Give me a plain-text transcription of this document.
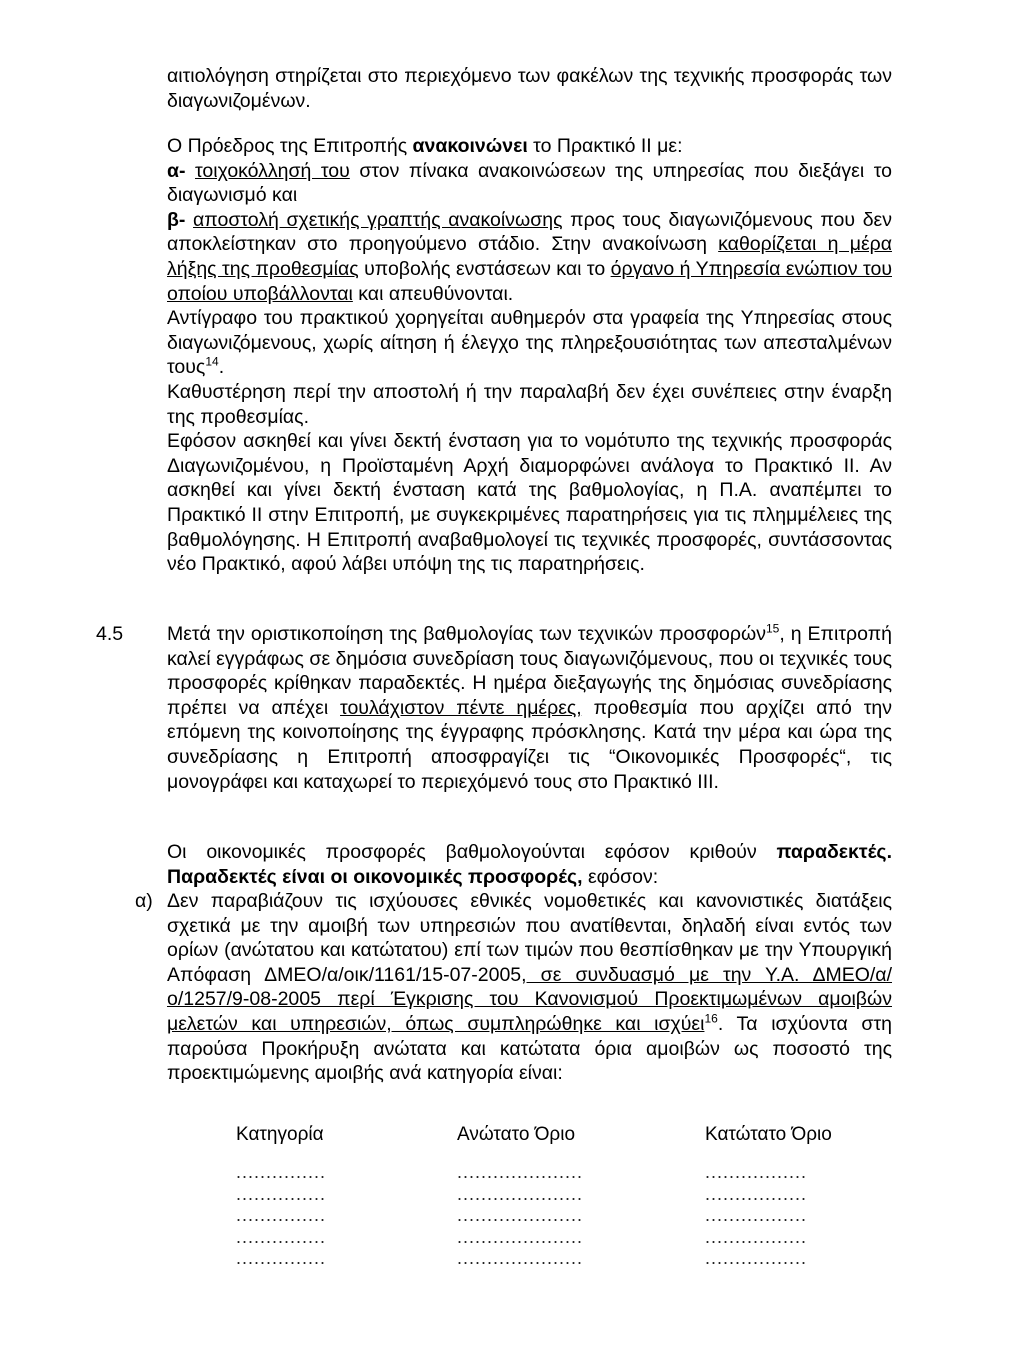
αιτιολόγηση στηρίζεται στο περιεχόμενο των φακέλων της τεχνικής προσφοράς των διαγωνιζομένων.

Ο Πρόεδρος της Επιτροπής ανακοινώνει το Πρακτικό ΙΙ με:

α- τοιχοκόλλησή του στον πίνακα ανακοινώσεων της υπηρεσίας που διεξάγει το διαγωνισμό και

β- αποστολή σχετικής γραπτής ανακοίνωσης προς τους διαγωνιζόμενους που δεν αποκλείστηκαν στο προηγούμενο στάδιο. Στην ανακοίνωση καθορίζεται η μέρα λήξης της προθεσμίας υποβολής ενστάσεων και το όργανο ή Υπηρεσία ενώπιον του οποίου υποβάλλονται και απευθύνονται.

Αντίγραφο του πρακτικού χορηγείται αυθημερόν στα γραφεία της Υπηρεσίας στους διαγωνιζόμενους, χωρίς αίτηση ή έλεγχο της πληρεξουσιότητας των απεσταλμένων τους$^{14}$.

Καθυστέρηση περί την αποστολή ή την παραλαβή δεν έχει συνέπειες στην έναρξη της προθεσμίας.

Εφόσον ασκηθεί και γίνει δεκτή ένσταση για το νομότυπο της τεχνικής προσφοράς Διαγωνιζομένου, η Προϊσταμένη Αρχή διαμορφώνει ανάλογα το Πρακτικό ΙΙ. Αν ασκηθεί και γίνει δεκτή ένσταση κατά της βαθμολογίας, η Π.Α. αναπέμπει το Πρακτικό ΙΙ στην Επιτροπή, με συγκεκριμένες παρατηρήσεις για τις πλημμέλειες της βαθμολόγησης. Η Επιτροπή αναβαθμολογεί τις τεχνικές προσφορές, συντάσσοντας νέο Πρακτικό, αφού λάβει υπόψη της τις παρατηρήσεις.

4.5 Μετά την οριστικοποίηση της βαθμολογίας των τεχνικών προσφορών$^{15}$, η Επιτροπή καλεί εγγράφως σε δημόσια συνεδρίαση τους διαγωνιζόμενους, που οι τεχνικές τους προσφορές κρίθηκαν παραδεκτές. Η ημέρα διεξαγωγής της δημόσιας συνεδρίασης πρέπει να απέχει τουλάχιστον πέντε ημέρες, προθεσμία που αρχίζει από την επόμενη της κοινοποίησης της έγγραφης πρόσκλησης. Κατά την μέρα και ώρα της συνεδρίασης η Επιτροπή αποσφραγίζει τις “Οικονομικές Προσφορές“, τις μονογράφει και καταχωρεί το περιεχόμενό τους στο Πρακτικό ΙΙΙ.

Οι οικονομικές προσφορές βαθμολογούνται εφόσον κριθούν παραδεκτές. Παραδεκτές είναι οι οικονομικές προσφορές, εφόσον:

α) Δεν παραβιάζουν τις ισχύουσες εθνικές νομοθετικές και κανονιστικές διατάξεις σχετικά με την αμοιβή των υπηρεσιών που ανατίθενται, δηλαδή είναι εντός των ορίων (ανώτατου και κατώτατου) επί των τιμών που θεσπίσθηκαν με την Υπουργική Απόφαση ΔΜΕΟ/α/οικ/1161/15-07-2005, σε συνδυασμό με την Υ.Α. ΔΜΕΟ/α/ο/1257/9-08-2005 περί Έγκρισης του Κανονισμού Προεκτιμωμένων αμοιβών μελετών και υπηρεσιών, όπως συμπληρώθηκε και ισχύει$^{16}$. Τα ισχύοντα στη παρούσα Προκήρυξη ανώτατα και κατώτατα όρια αμοιβών ως ποσοστό της προεκτιμώμενης αμοιβής ανά κατηγορία είναι:

Κατηγορία	Ανώτατο Όριο	Κατώτατο Όριο
...............	.....................	.................
...............	.....................	.................
...............	.....................	.................
...............	.....................	.................
...............	.....................	.................
